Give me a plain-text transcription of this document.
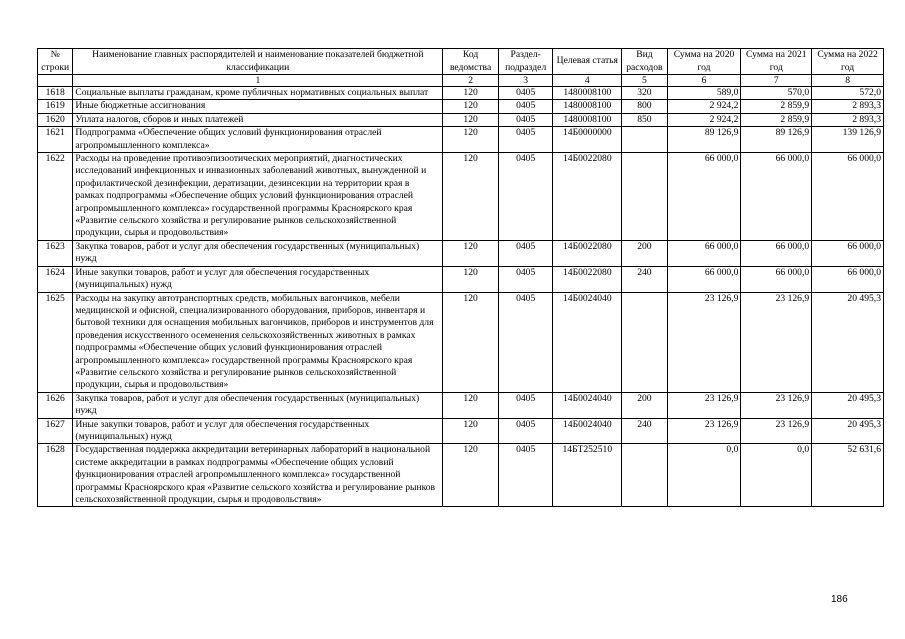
№ строки	Наименование главных распорядителей и наименование показателей бюджетной классификации	Код ведомства	Раздел-подраздел	Целевая статья	Вид расходов	Сумма на 2020 год	Сумма на 2021 год	Сумма на 2022 год
	1	2	3	4	5	6	7	8
1618	Социальные выплаты гражданам, кроме публичных нормативных социальных выплат	120	0405	1480008100	320	589,0	570,0	572,0
1619	Иные бюджетные ассигнования	120	0405	1480008100	800	2 924,2	2 859,9	2 893,3
1620	Уплата налогов, сборов и иных платежей	120	0405	1480008100	850	2 924,2	2 859,9	2 893,3
1621	Подпрограмма «Обеспечение общих условий функционирования отраслей агропромышленного комплекса»	120	0405	14Б0000000		89 126,9	89 126,9	139 126,9
1622	Расходы на проведение противоэпизоотических мероприятий, диагностических исследований инфекционных и инвазионных заболеваний животных, вынужденной и профилактической дезинфекции, дератизации, дезинсекции на территории края в рамках подпрограммы «Обеспечение общих условий функционирования отраслей агропромышленного комплекса» государственной программы Красноярского края «Развитие сельского хозяйства и регулирование рынков сельскохозяйственной продукции, сырья и продовольствия»	120	0405	14Б0022080		66 000,0	66 000,0	66 000,0
1623	Закупка товаров, работ и услуг для обеспечения государственных (муниципальных) нужд	120	0405	14Б0022080	200	66 000,0	66 000,0	66 000,0
1624	Иные закупки товаров, работ и услуг для обеспечения государственных (муниципальных) нужд	120	0405	14Б0022080	240	66 000,0	66 000,0	66 000,0
1625	Расходы на закупку автотранспортных средств, мобильных вагончиков, мебели медицинской и офисной, специализированного оборудования, приборов, инвентаря и бытовой техники для оснащения мобильных вагончиков, приборов и инструментов для проведения искусственного осеменения сельскохозяйственных животных в рамках подпрограммы «Обеспечение общих условий функционирования отраслей агропромышленного комплекса» государственной программы Красноярского края «Развитие сельского хозяйства и регулирование рынков сельскохозяйственной продукции, сырья и продовольствия»	120	0405	14Б0024040		23 126,9	23 126,9	20 495,3
1626	Закупка товаров, работ и услуг для обеспечения государственных (муниципальных) нужд	120	0405	14Б0024040	200	23 126,9	23 126,9	20 495,3
1627	Иные закупки товаров, работ и услуг для обеспечения государственных (муниципальных) нужд	120	0405	14Б0024040	240	23 126,9	23 126,9	20 495,3
1628	Государственная поддержка аккредитации ветеринарных лабораторий в национальной системе аккредитации в рамках подпрограммы «Обеспечение общих условий функционирования отраслей агропромышленного комплекса» государственной программы Красноярского края «Развитие сельского хозяйства и регулирование рынков сельскохозяйственной продукции, сырья и продовольствия»	120	0405	14БТ252510		0,0	0,0	52 631,6
186
